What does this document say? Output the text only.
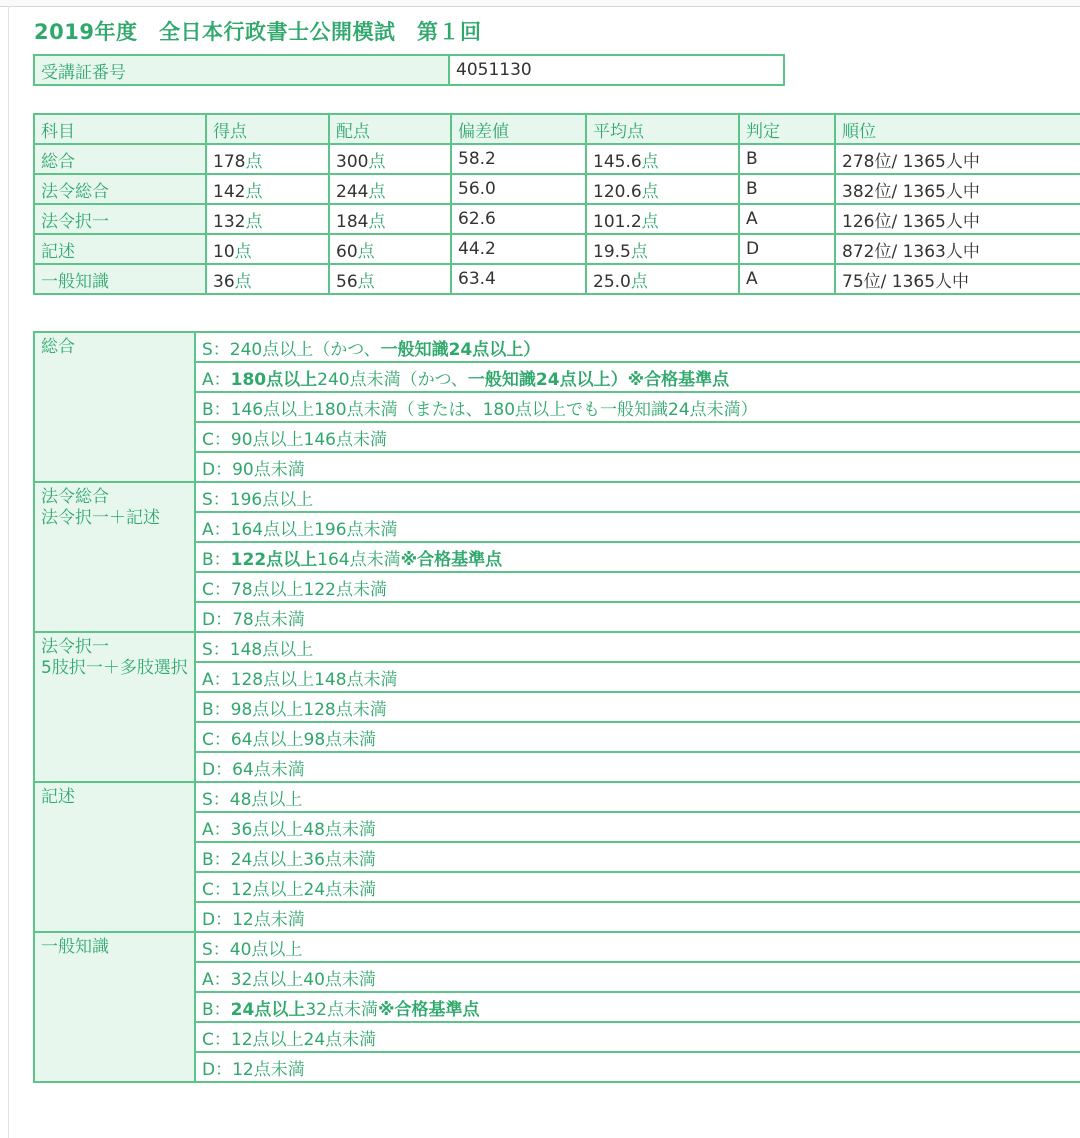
2019年度　全日本行政書士公開模試　第１回
受講証番号	4051130
科目	得点	配点	偏差値	平均点	判定	順位
総合	178点	300点	58.2	145.6点	B	278位/ 1365人中
法令総合	142点	244点	56.0	120.6点	B	382位/ 1365人中
法令択一	132点	184点	62.6	101.2点	A	126位/ 1365人中
記述	10点	60点	44.2	19.5点	D	872位/ 1363人中
一般知識	36点	56点	63.4	25.0点	A	75位/ 1365人中
総合	S：240点以上（かつ、一般知識24点以上）
	A：180点以上240点未満（かつ、一般知識24点以上）※合格基準点
	B：146点以上180点未満（または、180点以上でも一般知識24点未満）
	C：90点以上146点未満
	D：90点未満

法令総合
法令択一＋記述	S：196点以上
	A：164点以上196点未満
	B：122点以上164点未満※合格基準点
	C：78点以上122点未満
	D：78点未満

法令択一
5肢択一＋多肢選択	S：148点以上
	A：128点以上148点未満
	B：98点以上128点未満
	C：64点以上98点未満
	D：64点未満

記述	S：48点以上
	A：36点以上48点未満
	B：24点以上36点未満
	C：12点以上24点未満
	D：12点未満

一般知識	S：40点以上
	A：32点以上40点未満
	B：24点以上32点未満※合格基準点
	C：12点以上24点未満
	D：12点未満
